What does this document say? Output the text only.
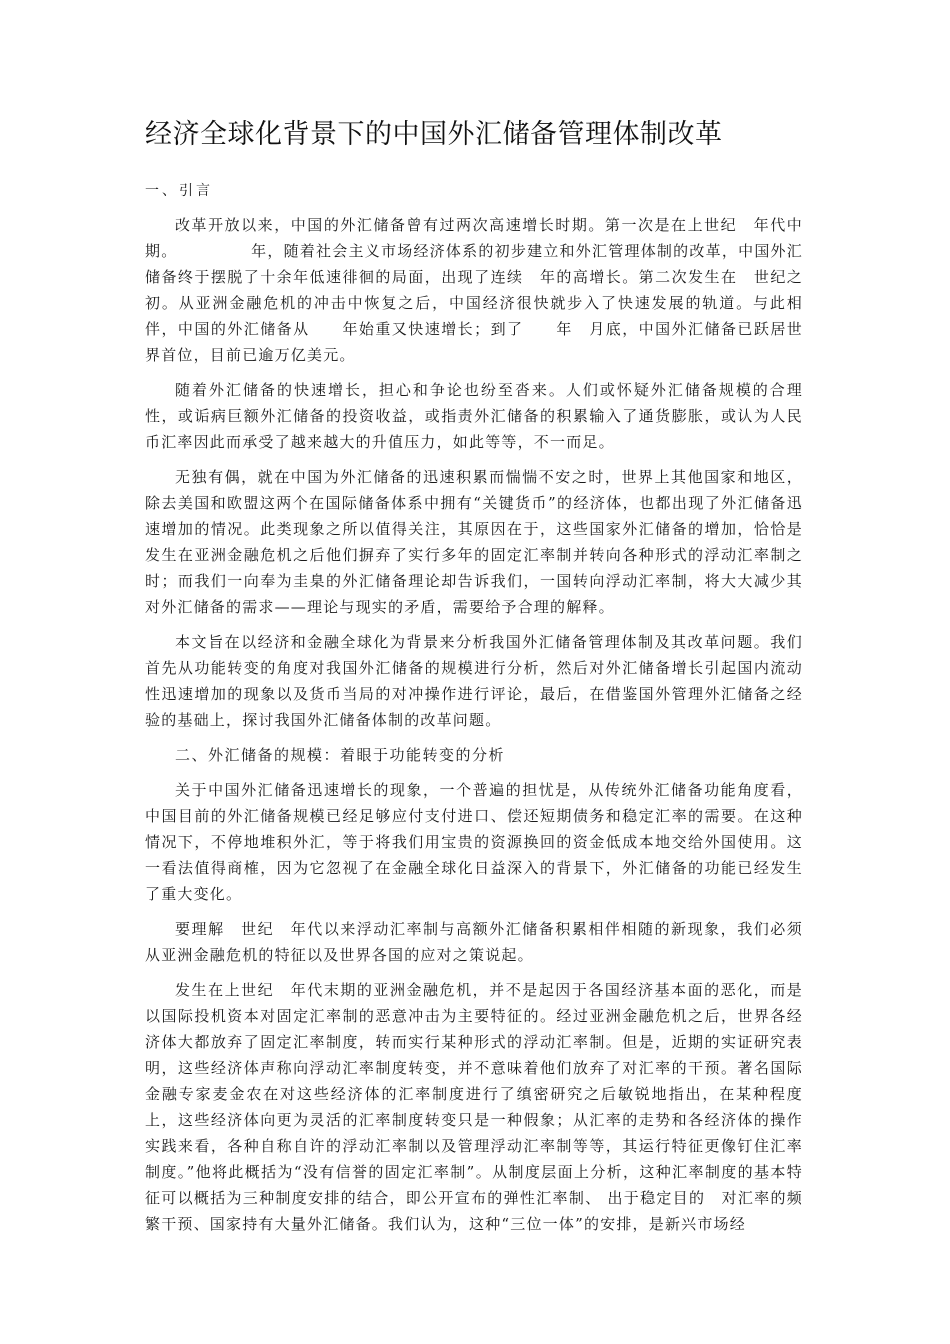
经济全球化背景下的中国外汇储备管理体制改革
一、引言

改革开放以来，中国的外汇储备曾有过两次高速增长时期。第一次是在上世纪　年代中期。　　　　　年，随着社会主义市场经济体系的初步建立和外汇管理体制的改革，中国外汇储备终于摆脱了十余年低速徘徊的局面，出现了连续　年的高增长。第二次发生在　世纪之初。从亚洲金融危机的冲击中恢复之后，中国经济很快就步入了快速发展的轨道。与此相伴，中国的外汇储备从　　年始重又快速增长；到了　　年　月底，中国外汇储备已跃居世界首位，目前已逾万亿美元。

随着外汇储备的快速增长，担心和争论也纷至沓来。人们或怀疑外汇储备规模的合理性，或诟病巨额外汇储备的投资收益，或指责外汇储备的积累输入了通货膨胀，或认为人民币汇率因此而承受了越来越大的升值压力，如此等等，不一而足。

无独有偶，就在中国为外汇储备的迅速积累而惴惴不安之时，世界上其他国家和地区，除去美国和欧盟这两个在国际储备体系中拥有“关键货币”的经济体，也都出现了外汇储备迅速增加的情况。此类现象之所以值得关注，其原因在于，这些国家外汇储备的增加，恰恰是发生在亚洲金融危机之后他们摒弃了实行多年的固定汇率制并转向各种形式的浮动汇率制之时；而我们一向奉为圭臬的外汇储备理论却告诉我们，一国转向浮动汇率制，将大大减少其对外汇储备的需求——理论与现实的矛盾，需要给予合理的解释。

本文旨在以经济和金融全球化为背景来分析我国外汇储备管理体制及其改革问题。我们首先从功能转变的角度对我国外汇储备的规模进行分析，然后对外汇储备增长引起国内流动性迅速增加的现象以及货币当局的对冲操作进行评论，最后，在借鉴国外管理外汇储备之经验的基础上，探讨我国外汇储备体制的改革问题。

二、外汇储备的规模：着眼于功能转变的分析

关于中国外汇储备迅速增长的现象，一个普遍的担忧是，从传统外汇储备功能角度看，中国目前的外汇储备规模已经足够应付支付进口、偿还短期债务和稳定汇率的需要。在这种情况下，不停地堆积外汇，等于将我们用宝贵的资源换回的资金低成本地交给外国使用。这一看法值得商榷，因为它忽视了在金融全球化日益深入的背景下，外汇储备的功能已经发生了重大变化。

要理解　世纪　年代以来浮动汇率制与高额外汇储备积累相伴相随的新现象，我们必须从亚洲金融危机的特征以及世界各国的应对之策说起。

发生在上世纪　年代末期的亚洲金融危机，并不是起因于各国经济基本面的恶化，而是以国际投机资本对固定汇率制的恶意冲击为主要特征的。经过亚洲金融危机之后，世界各经济体大都放弃了固定汇率制度，转而实行某种形式的浮动汇率制。但是，近期的实证研究表明，这些经济体声称向浮动汇率制度转变，并不意味着他们放弃了对汇率的干预。著名国际金融专家麦金农在对这些经济体的汇率制度进行了缜密研究之后敏锐地指出，在某种程度上，这些经济体向更为灵活的汇率制度转变只是一种假象；从汇率的走势和各经济体的操作实践来看，各种自称自许的浮动汇率制以及管理浮动汇率制等等，其运行特征更像钉住汇率制度。”他将此概括为“没有信誉的固定汇率制”。从制度层面上分析，这种汇率制度的基本特征可以概括为三种制度安排的结合，即公开宣布的弹性汇率制、 出于稳定目的　对汇率的频繁干预、国家持有大量外汇储备。我们认为，这种“三位一体”的安排，是新兴市场经
